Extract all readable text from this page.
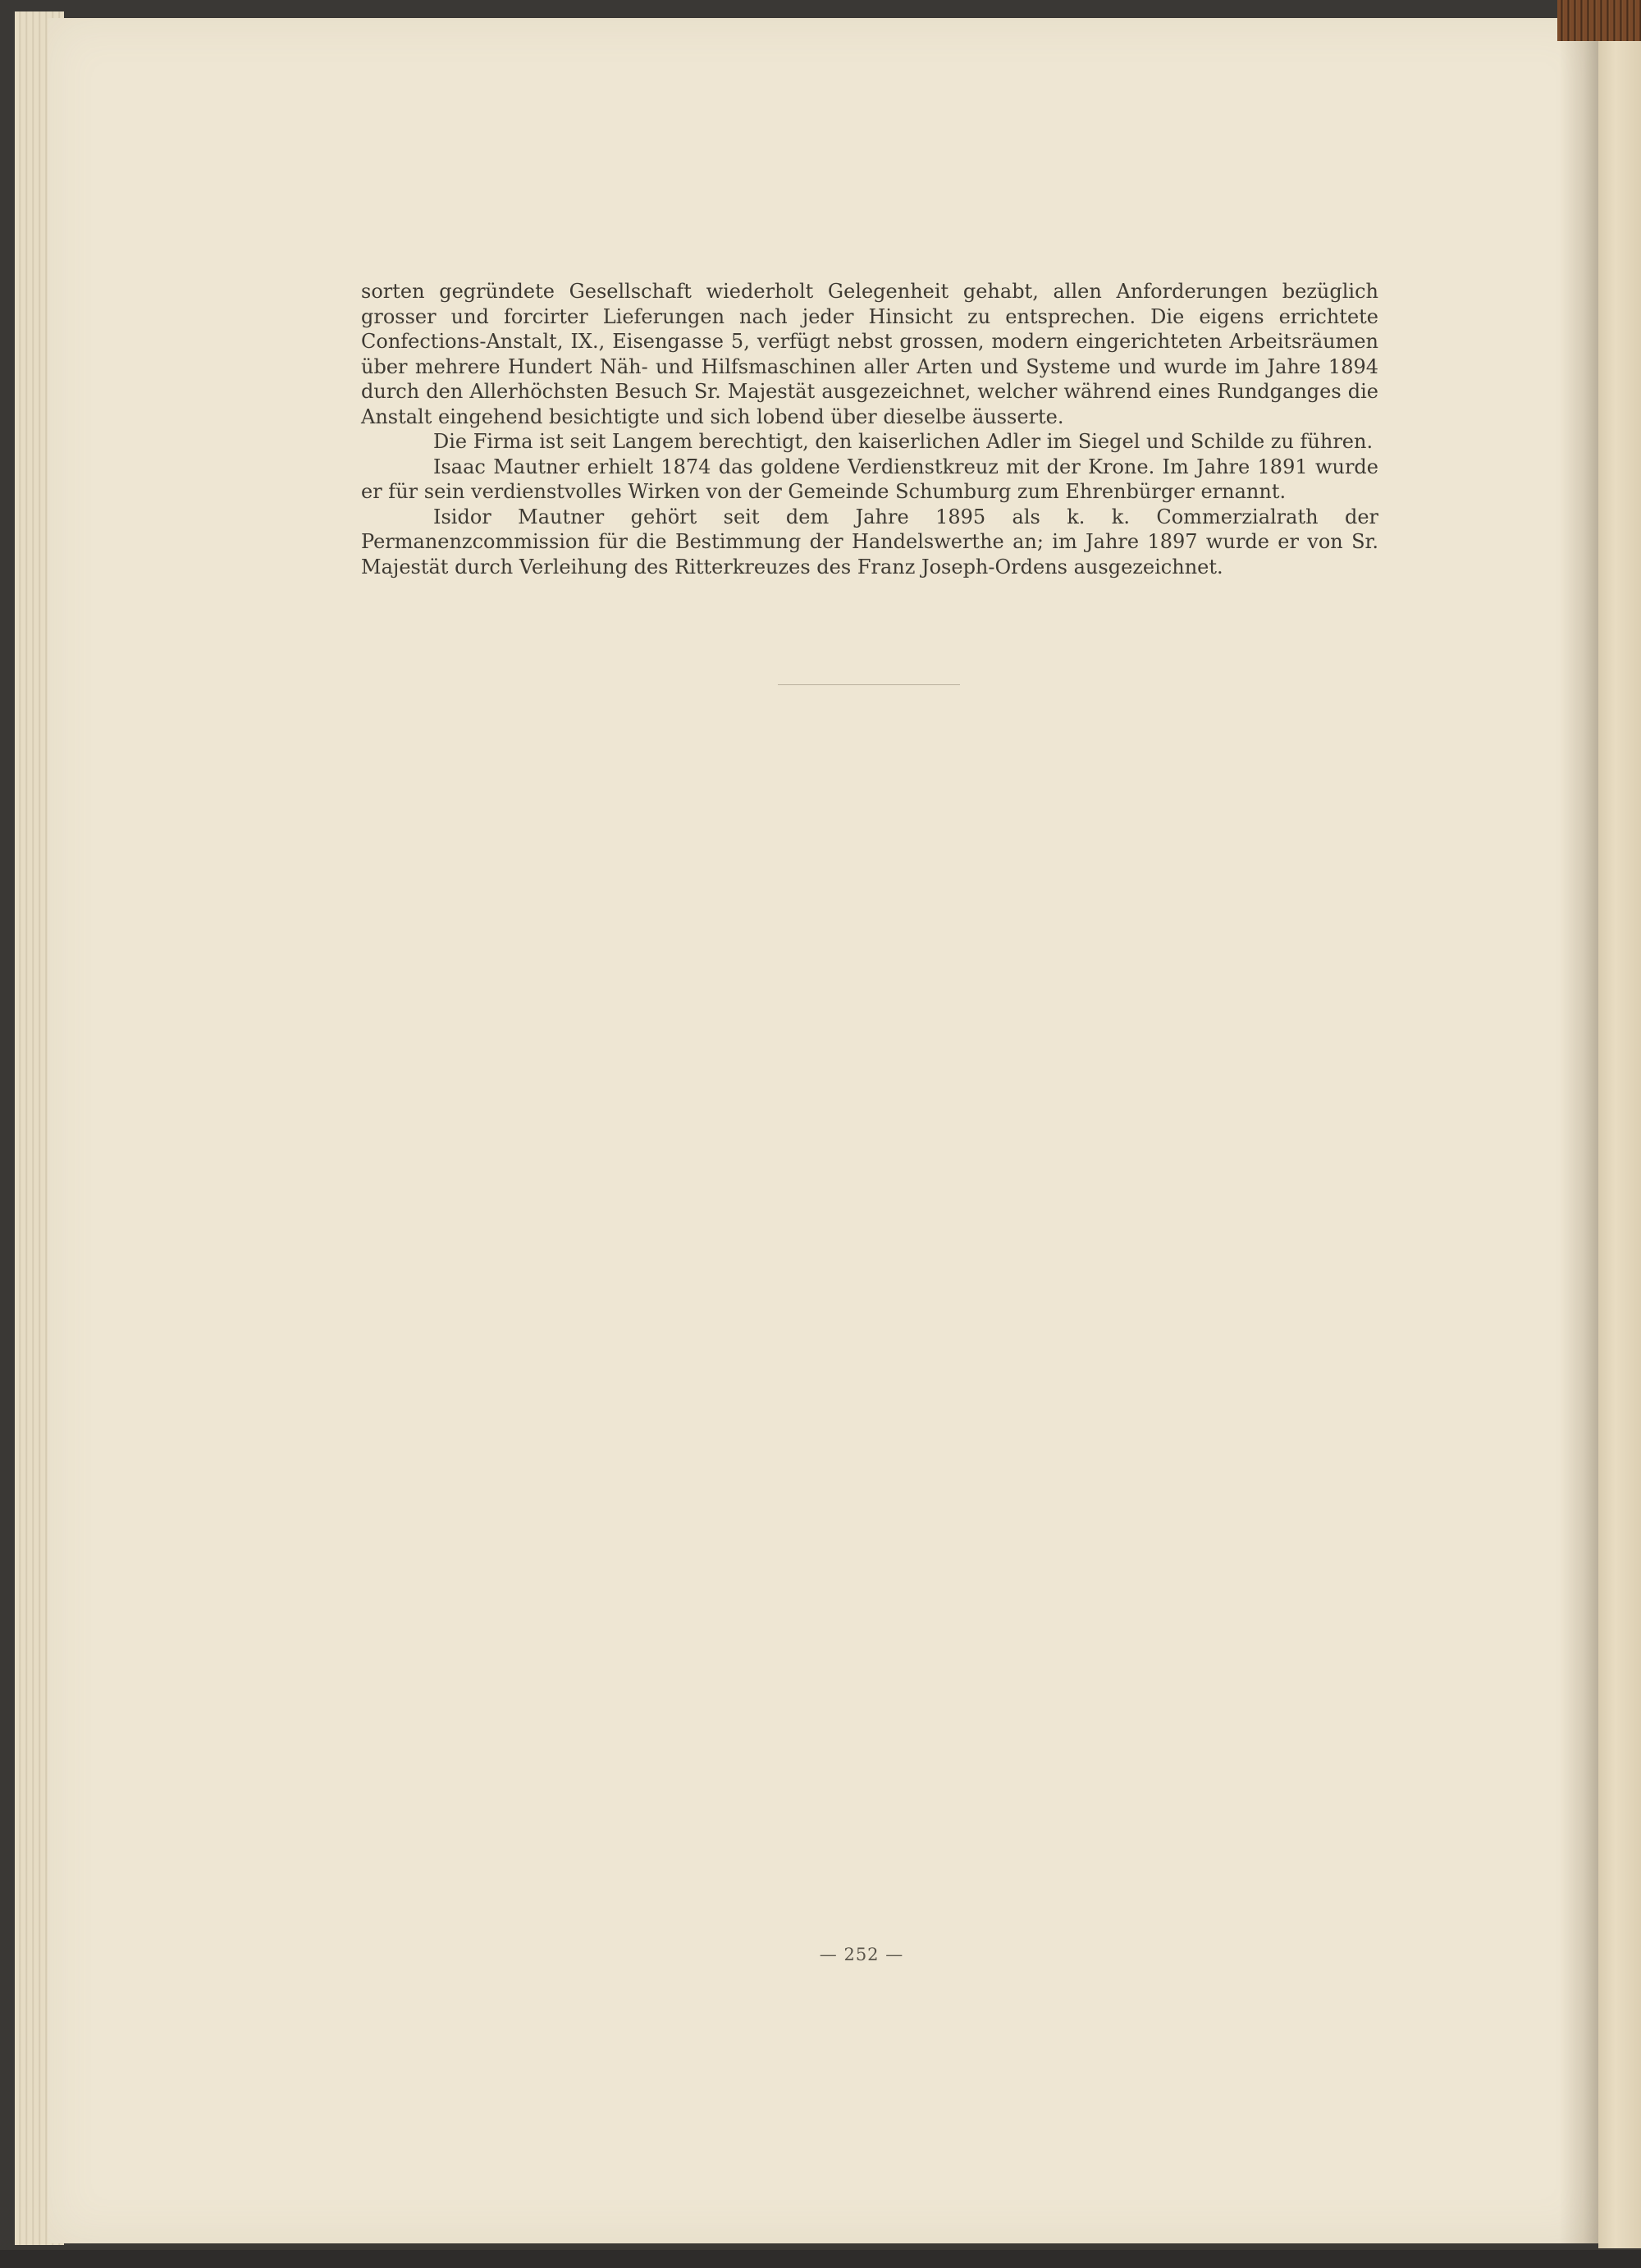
sorten gegründete Gesellschaft wiederholt Gelegenheit gehabt, allen Anforderungen bezüglich grosser und forcirter Lieferungen nach jeder Hinsicht zu entsprechen. Die eigens errichtete Confections-Anstalt, IX., Eisengasse 5, verfügt nebst grossen, modern eingerichteten Arbeitsräumen über mehrere Hundert Näh- und Hilfsmaschinen aller Arten und Systeme und wurde im Jahre 1894 durch den Allerhöchsten Besuch Sr. Majestät ausgezeichnet, welcher während eines Rundganges die Anstalt eingehend besichtigte und sich lobend über dieselbe äusserte.

Die Firma ist seit Langem berechtigt, den kaiserlichen Adler im Siegel und Schilde zu führen.

Isaac Mautner erhielt 1874 das goldene Verdienstkreuz mit der Krone. Im Jahre 1891 wurde er für sein verdienstvolles Wirken von der Gemeinde Schumburg zum Ehrenbürger ernannt.

Isidor Mautner gehört seit dem Jahre 1895 als k. k. Commerzialrath der Permanenzcommission für die Bestimmung der Handelswerthe an; im Jahre 1897 wurde er von Sr. Majestät durch Verleihung des Ritterkreuzes des Franz Joseph-Ordens ausgezeichnet.

— 252 —
